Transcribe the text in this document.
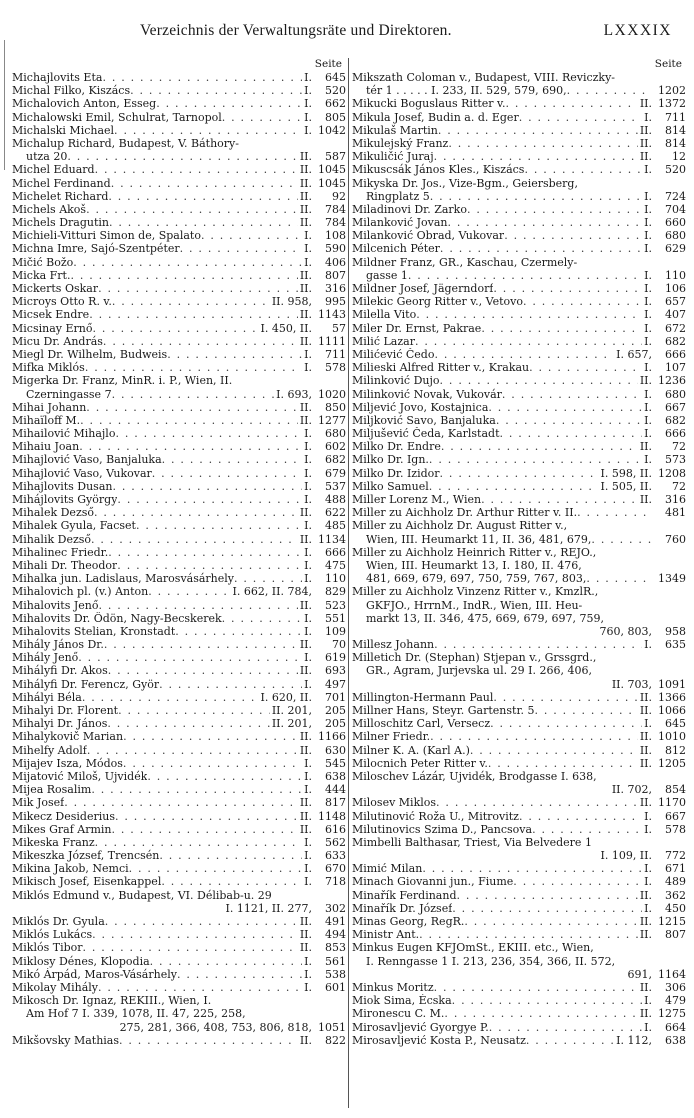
Verzeichnis der Verwaltungsräte und Direktoren.	LXXXIX
Seite
Michajlovits Eta . . .	I.	645
Michal Filko, Kiszács . . .	I.	520
Michalovich Anton, Esseg . . .	I.	662
Michalowski Emil, Schulrat, Tarnopol . . .	I.	805
Michalski Michael . . .	I. 1042
Michalup Richard, Budapest, V. Báthory-
utza 20 . . .	II.	587
Michel Eduard . . .	II. 1045
Michel Ferdinand . . .	II. 1045
Michelet Richard . . .	II.	92
Michels Akoš . . .	II.	784
Michels Dragutin . . .	II.	784
Michieli-Vitturi Simon de, Spalato . . .	I.	108
Michna Imre, Sajó-Szentpéter . . .	I.	590
Mičić Božo . . .	I.	406
Micka Frt. . . .	II.	807
Mickerts Oskar . . .	II.	316
Microys Otto R. v. . . .	II. 958,	995
Micsek Endre . . .	II. 1143
Micsinay Ernő . . .	I. 450, II.	57
Micu Dr. András . . .	II. 1111
Miegl Dr. Wilhelm, Budweis . . .	I.	711
Mifka Miklós . . .	I.	578
Migerka Dr. Franz, MinR. i. P., Wien, II.
Czerningasse 7 . . .	I. 693, 1020
Mihai Johann . . .	II.	850
Mihaïloff M. . . .	II. 1277
Mihailović Mihajlo . . .	I.	680
Mihaiu Joan . . .	I.	602
Mihajlović Vaso, Banjaluka . . .	I.	682
Mihajlović Vaso, Vukovar . . .	I.	679
Mihajlovits Dusan . . .	I.	537
Mihájlovits György . . .	I.	488
Mihalek Dezső . . .	II.	622
Mihalek Gyula, Facset . . .	I.	485
Mihalik Dezső . . .	II. 1134
Mihalinec Friedr. . . .	I.	666
Mihali Dr. Theodor . . .	I.	475
Mihalka jun. Ladislaus, Marosvásárhely . . .	I.	110
Mihalovich pl. (v.) Anton . . .	I. 662, II. 784,	829
Mihalovits Jenő . . .	II.	523
Mihalovits Dr. Ödön, Nagy-Becskerek . . .	I.	551
Mihalovits Stelian, Kronstadt . . .	I.	109
Mihály János Dr. . . .	II.	70
Mihály Jenő . . .	I.	619
Mihályfi Dr. Akos . . .	II.	693
Mihályfi Dr. Ferencz, Györ . . .	I.	497
Mihályi Béla . . .	I. 620, II.	701
Mihalyi Dr. Florent . . .	II. 201,	205
Mihalyi Dr. János . . .	II. 201,	205
Mihalykovič Marian . . .	II. 1166
Mihelfy Adolf . . .	II.	630
Mijajev Isza, Módos . . .	I.	545
Mijatović Miloš, Ujvidék . . .	I.	638
Mijea Rosalim . . .	I.	444
Mik Josef . . .	II.	817
Mikecz Desiderius . . .	II. 1148
Mikes Graf Armin . . .	II.	616
Mikeska Franz . . .	I.	562
Mikeszka József, Trencsén . . .	I.	633
Mikina Jakob, Nemci . . .	I.	670
Mikisch Josef, Eisenkappel . . .	I.	718
Miklós Edmund v., Budapest, VI. Délibab-u. 29
I. 1121, II. 277,	302
Miklós Dr. Gyula . . .	II.	491
Miklós Lukács . . .	II.	494
Miklós Tibor . . .	II.	853
Miklosy Dénes, Klopodia . . .	I.	561
Mikó Árpád, Maros-Vásárhely . . .	I.	538
Mikolay Mihály . . .	I.	601
Mikosch Dr. Ignaz, REKIII., Wien, I.
Am Hof 7 I. 339, 1078, II. 47, 225, 258,
275, 281, 366, 408, 753, 806, 818, 1051
Mikšovsky Mathias . . .	II.	822
Seite
Mikszath Coloman v., Budapest, VIII. Reviczky-
tér 1 . . . . . I. 233, II. 529, 579, 690, . . .	1202
Mikucki Boguslaus Ritter v. . . .	II. 1372
Mikula Josef, Budin a. d. Eger . . .	I.	711
Mikulaš Martin . . .	II.	814
Mikulejský Franz . . .	II.	814
Mikuličić Juraj . . .	II.	12
Mikuscsák János Kles., Kiszács . . .	I.	520
Mikyska Dr. Jos., Vize-Bgm., Geiersberg,
Ringplatz 5 . . .	I.	724
Miladinovi Dr. Zarko . . .	I.	704
Milanković Jovan . . .	I.	660
Milanković Obrad, Vukovar . . .	I.	680
Milcenich Péter . . .	I.	629
Mildner Franz, GR., Kaschau, Czermely-
gasse 1 . . .	I.	110
Mildner Josef, Jägerndorf . . .	I.	106
Milekic Georg Ritter v., Vetovo . . .	I.	657
Milella Vito . . .	I.	407
Miler Dr. Ernst, Pakrae . . .	I.	672
Milić Lazar . . .	I.	682
Milićević Čedo . . .	I. 657,	666
Milieski Alfred Ritter v., Krakau . . .	I.	107
Milinković Dujo . . .	II. 1236
Milinković Novak, Vukovár . . .	I.	680
Miljević Jovo, Kostajnica . . .	I.	667
Miljković Savo, Banjaluka . . .	I.	682
Miljušević Čeda, Karlstadt . . .	I.	666
Milko Dr. Endre . . .	II.	72
Milko Dr. Ign. . . .	I.	573
Milko Dr. Izidor . . .	I. 598, II. 1208
Milko Samuel . . .	I. 505, II.	72
Miller Lorenz M., Wien . . .	II.	316
Miller zu Aichholz Dr. Arthur Ritter v. II. . . .	481
Miller zu Aichholz Dr. August Ritter v.,
Wien, III. Heumarkt 11, II. 36, 481, 679, . . .	760
Miller zu Aichholz Heinrich Ritter v., REJO.,
Wien, III. Heumarkt 13, I. 180, II. 476,
481, 669, 679, 697, 750, 759, 767, 803, . . .	1349
Miller zu Aichholz Vinzenz Ritter v., KmzlR.,
GKFJO., HrrnM., IndR., Wien, III. Heu-
markt 13, II. 346, 475, 669, 679, 697, 759,
760, 803,	958
Millesz Johann . . .	I.	635
Milletich Dr. (Stephan) Stjepan v., Grssgrd.,
GR., Agram, Jurjevska ul. 29 I. 266, 406,
II. 703, 1091
Millington-Hermann Paul . . .	II. 1366
Millner Hans, Steyr. Gartenstr. 5 . . .	II. 1066
Milloschitz Carl, Versecz . . .	I.	645
Milner Friedr. . . .	II. 1010
Milner K. A. (Karl A.) . . .	II.	812
Milocnich Peter Ritter v. . . .	II. 1205
Miloschev Lázár, Ujvidék, Brodgasse I. 638,
II. 702,	854
Milosev Miklos . . .	II. 1170
Milutinović Roža U., Mitrovitz . . .	I.	667
Milutinovics Szima D., Pancsova . . .	I.	578
Mimbelli Balthasar, Triest, Via Belvedere 1
I. 109, II.	772
Mimić Milan . . .	I.	671
Minach Giovanni jun., Fiume . . .	I.	489
Minařík Ferdinand . . .	II.	362
Minařík Dr. József . . .	I.	450
Minas Georg, RegR. . . .	II. 1215
Ministr Ant. . . .	II.	807
Minkus Eugen KFJOmSt., EKIII. etc., Wien,
I. Renngasse 1 I. 213, 236, 354, 366, II. 572,
691, 1164
Minkus Moritz . . .	II.	306
Miok Sima, Écska . . .	I.	479
Mironescu C. M. . . .	II. 1275
Mirosavljević Gyorgye P. . . .	I.	664
Mirosavljević Kosta P., Neusatz . . .	I. 112,	638
